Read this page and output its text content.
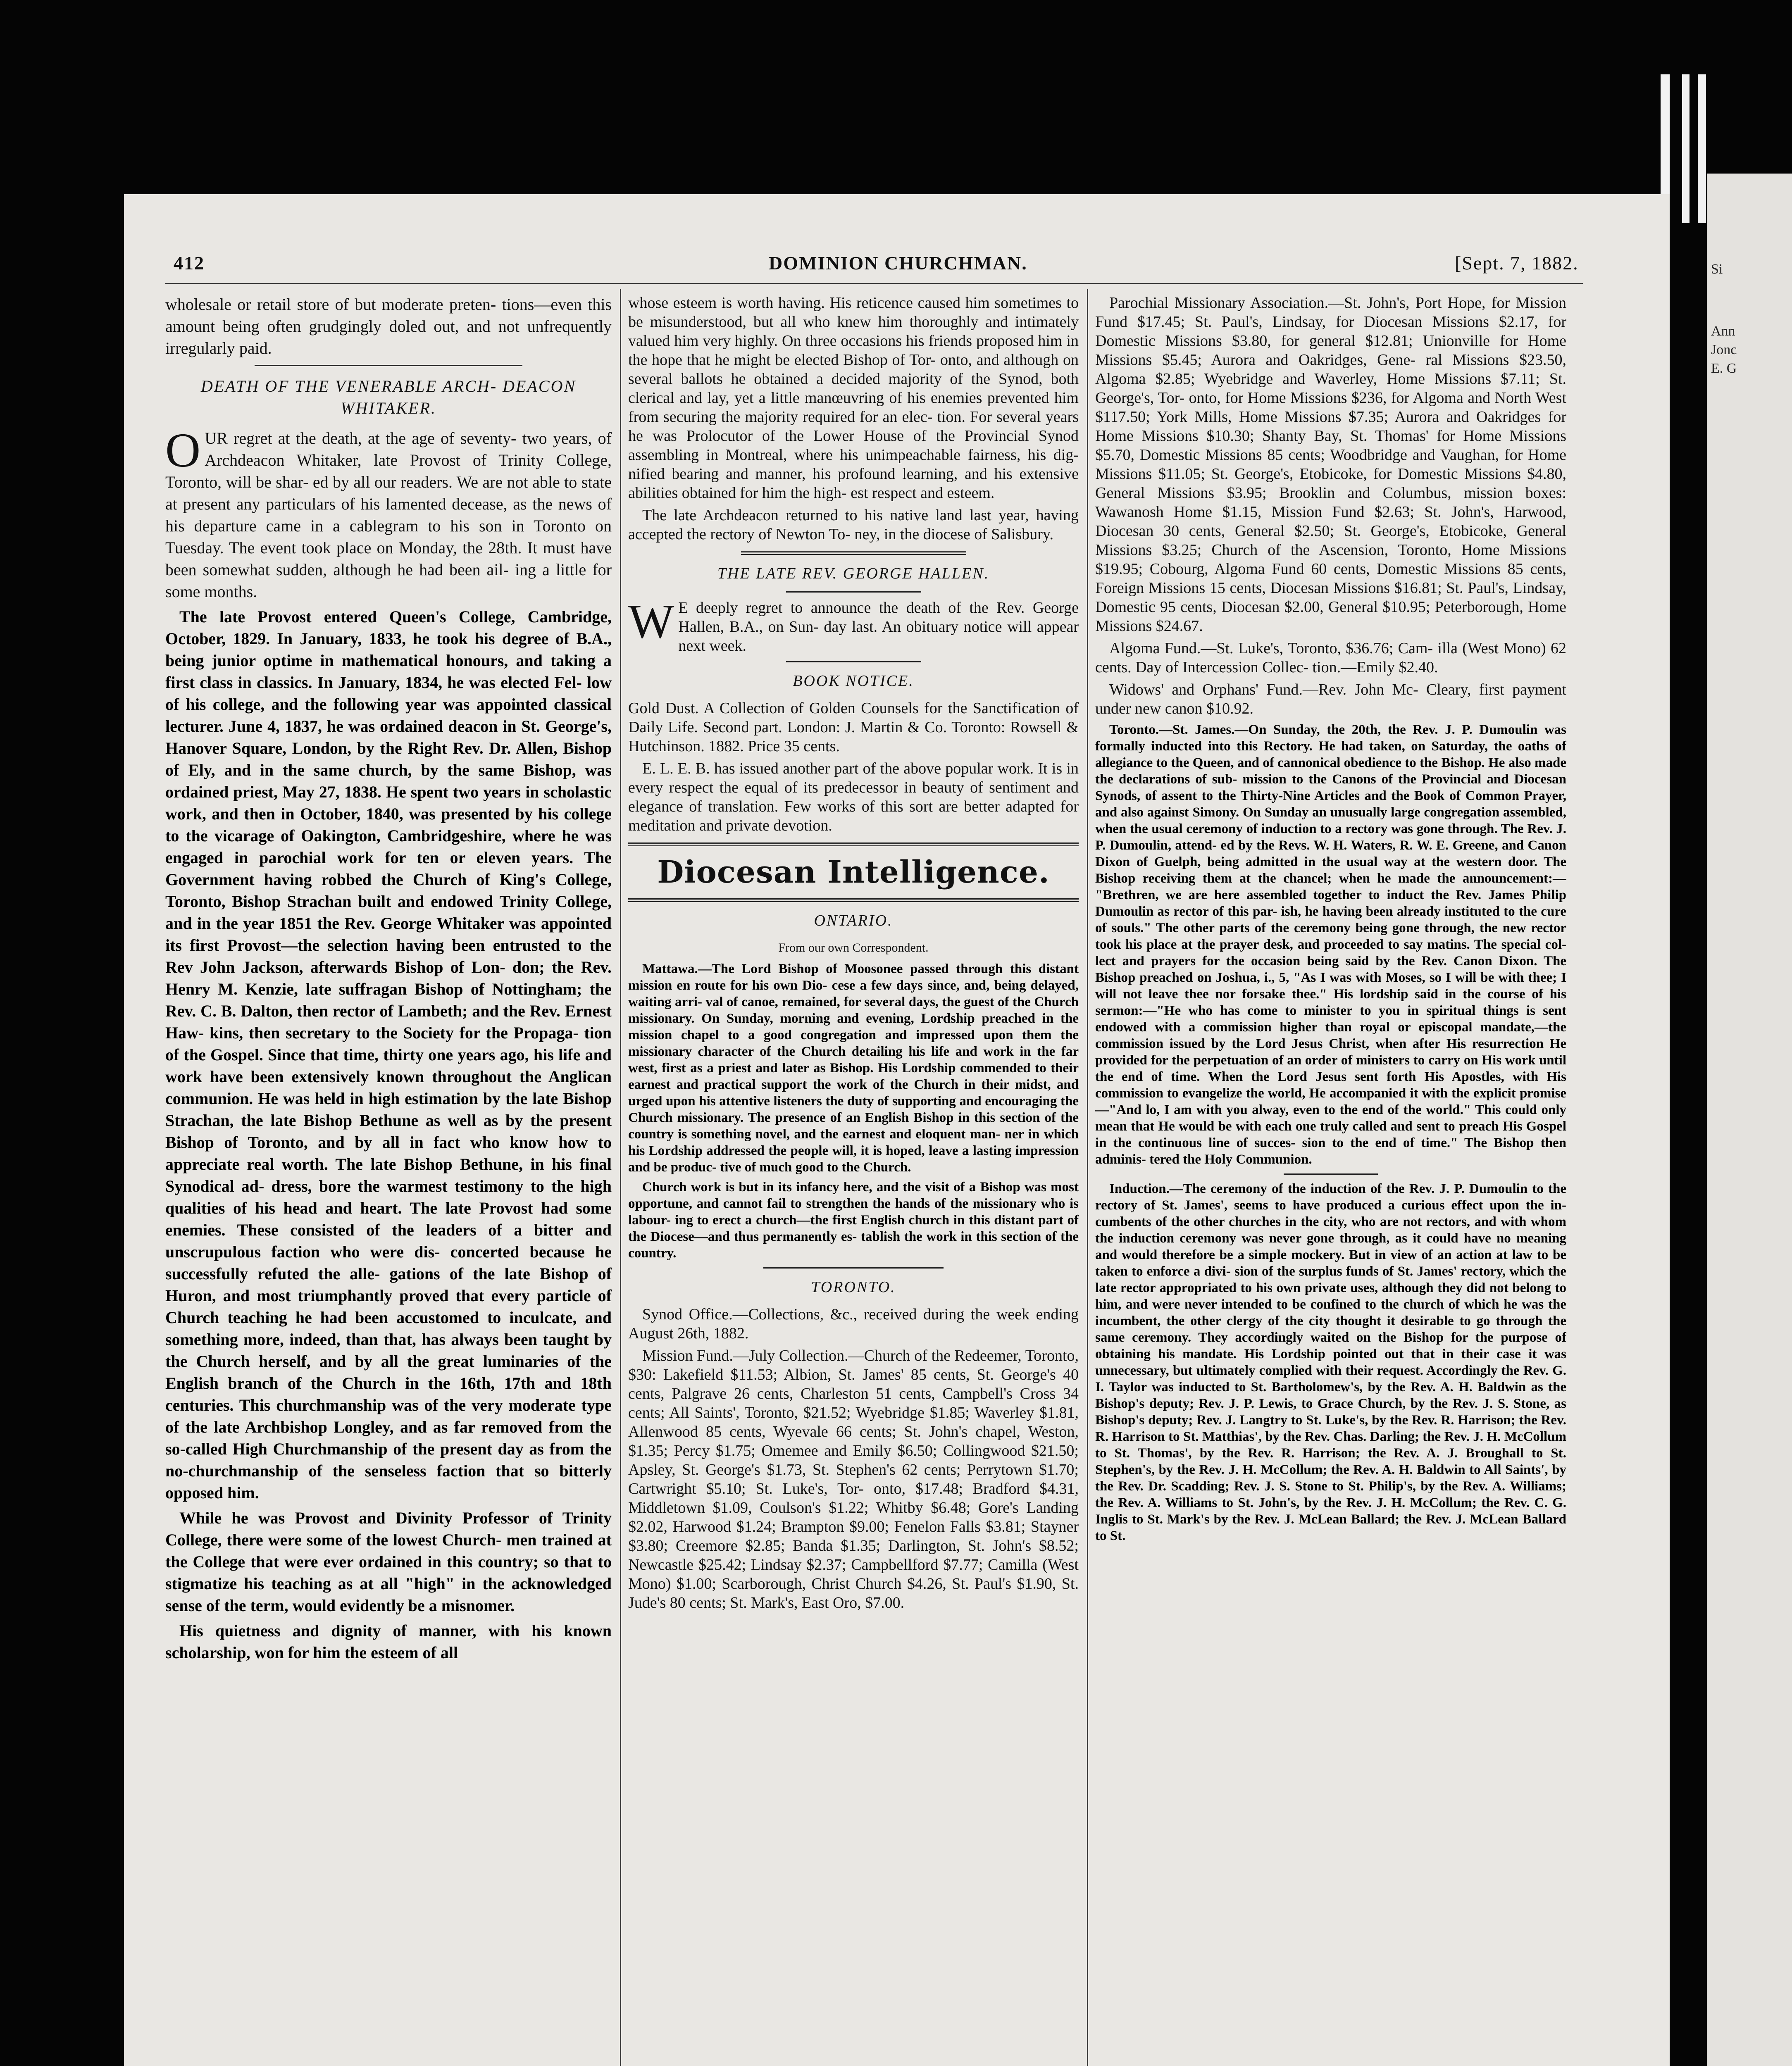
412	DOMINION CHURCHMAN.	[Sept. 7, 1882.

wholesale or retail store of but moderate preten- tions—even this amount being often grudgingly doled out, and not unfrequently irregularly paid.

DEATH OF THE VENERABLE ARCH- DEACON WHITAKER.

OUR regret at the death, at the age of seventy- two years, of Archdeacon Whitaker, late Provost of Trinity College, Toronto, will be shar- ed by all our readers. We are not able to state at present any particulars of his lamented decease, as the news of his departure came in a cablegram to his son in Toronto on Tuesday. The event took place on Monday, the 28th. It must have been somewhat sudden, although he had been ail- ing a little for some months.

The late Provost entered Queen's College, Cambridge, October, 1829. In January, 1833, he took his degree of B.A., being junior optime in mathematical honours, and taking a first class in classics. In January, 1834, he was elected Fel- low of his college, and the following year was appointed classical lecturer. June 4, 1837, he was ordained deacon in St. George's, Hanover Square, London, by the Right Rev. Dr. Allen, Bishop of Ely, and in the same church, by the same Bishop, was ordained priest, May 27, 1838. He spent two years in scholastic work, and then in October, 1840, was presented by his college to the vicarage of Oakington, Cambridgeshire, where he was engaged in parochial work for ten or eleven years. The Government having robbed the Church of King's College, Toronto, Bishop Strachan built and endowed Trinity College, and in the year 1851 the Rev. George Whitaker was appointed its first Provost—the selection having been entrusted to the Rev John Jackson, afterwards Bishop of Lon- don; the Rev. Henry M. Kenzie, late suffragan Bishop of Nottingham; the Rev. C. B. Dalton, then rector of Lambeth; and the Rev. Ernest Haw- kins, then secretary to the Society for the Propaga- tion of the Gospel. Since that time, thirty one years ago, his life and work have been extensively known throughout the Anglican communion. He was held in high estimation by the late Bishop Strachan, the late Bishop Bethune as well as by the present Bishop of Toronto, and by all in fact who know how to appreciate real worth. The late Bishop Bethune, in his final Synodical ad- dress, bore the warmest testimony to the high qualities of his head and heart. The late Provost had some enemies. These consisted of the leaders of a bitter and unscrupulous faction who were dis- concerted because he successfully refuted the alle- gations of the late Bishop of Huron, and most triumphantly proved that every particle of Church teaching he had been accustomed to inculcate, and something more, indeed, than that, has always been taught by the Church herself, and by all the great luminaries of the English branch of the Church in the 16th, 17th and 18th centuries. This churchmanship was of the very moderate type of the late Archbishop Longley, and as far removed from the so-called High Churchmanship of the present day as from the no-churchmanship of the senseless faction that so bitterly opposed him.

While he was Provost and Divinity Professor of Trinity College, there were some of the lowest Church- men trained at the College that were ever ordained in this country; so that to stigmatize his teaching as at all "high" in the acknowledged sense of the term, would evidently be a misnomer.

His quietness and dignity of manner, with his known scholarship, won for him the esteem of all

whose esteem is worth having. His reticence caused him sometimes to be misunderstood, but all who knew him thoroughly and intimately valued him very highly. On three occasions his friends proposed him in the hope that he might be elected Bishop of Tor- onto, and although on several ballots he obtained a decided majority of the Synod, both clerical and lay, yet a little manœuvring of his enemies prevented him from securing the majority required for an elec- tion. For several years he was Prolocutor of the Lower House of the Provincial Synod assembling in Montreal, where his unimpeachable fairness, his dig- nified bearing and manner, his profound learning, and his extensive abilities obtained for him the high- est respect and esteem.

The late Archdeacon returned to his native land last year, having accepted the rectory of Newton To- ney, in the diocese of Salisbury.

THE LATE REV. GEORGE HALLEN.

W E deeply regret to announce the death of the Rev. George Hallen, B.A., on Sun- day last. An obituary notice will appear next week.

BOOK NOTICE.

Gold Dust. A Collection of Golden Counsels for the Sanctification of Daily Life. Second part. London: J. Martin & Co. Toronto: Rowsell & Hutchinson. 1882. Price 35 cents.

E. L. E. B. has issued another part of the above popular work. It is in every respect the equal of its predecessor in beauty of sentiment and elegance of translation. Few works of this sort are better adapted for meditation and private devotion.

Diocesan Intelligence.
ONTARIO.

From our own Correspondent.

Mattawa.—The Lord Bishop of Moosonee passed through this distant mission en route for his own Dio- cese a few days since, and, being delayed, waiting arri- val of canoe, remained, for several days, the guest of the Church missionary. On Sunday, morning and evening, Lordship preached in the mission chapel to a good congregation and impressed upon them the missionary character of the Church detailing his life and work in the far west, first as a priest and later as Bishop. His Lordship commended to their earnest and practical support the work of the Church in their midst, and urged upon his attentive listeners the duty of supporting and encouraging the Church missionary. The presence of an English Bishop in this section of the country is something novel, and the earnest and eloquent man- ner in which his Lordship addressed the people will, it is hoped, leave a lasting impression and be produc- tive of much good to the Church.

Church work is but in its infancy here, and the visit of a Bishop was most opportune, and cannot fail to strengthen the hands of the missionary who is labour- ing to erect a church—the first English church in this distant part of the Diocese—and thus permanently es- tablish the work in this section of the country.

TORONTO.

Synod Office.—Collections, &c., received during the week ending August 26th, 1882.

Mission Fund.—July Collection.—Church of the Redeemer, Toronto, $30: Lakefield $11.53; Albion, St. James' 85 cents, St. George's 40 cents, Palgrave 26 cents, Charleston 51 cents, Campbell's Cross 34 cents; All Saints', Toronto, $21.52; Wyebridge $1.85; Waverley $1.81, Allenwood 85 cents, Wyevale 66 cents; St. John's chapel, Weston, $1.35; Percy $1.75; Omemee and Emily $6.50; Collingwood $21.50; Apsley, St. George's $1.73, St. Stephen's 62 cents; Perrytown $1.70; Cartwright $5.10; St. Luke's, Tor- onto, $17.48; Bradford $4.31, Middletown $1.09, Coulson's $1.22; Whitby $6.48; Gore's Landing $2.02, Harwood $1.24; Brampton $9.00; Fenelon Falls $3.81; Stayner $3.80; Creemore $2.85; Banda $1.35; Darlington, St. John's $8.52; Newcastle $25.42; Lindsay $2.37; Campbellford $7.77; Camilla (West Mono) $1.00; Scarborough, Christ Church $4.26, St. Paul's $1.90, St. Jude's 80 cents; St. Mark's, East Oro, $7.00.

Parochial Missionary Association.—St. John's, Port Hope, for Mission Fund $17.45; St. Paul's, Lindsay, for Diocesan Missions $2.17, for Domestic Missions $3.80, for general $12.81; Unionville for Home Missions $5.45; Aurora and Oakridges, Gene- ral Missions $23.50, Algoma $2.85; Wyebridge and Waverley, Home Missions $7.11; St. George's, Tor- onto, for Home Missions $236, for Algoma and North West $117.50; York Mills, Home Missions $7.35; Aurora and Oakridges for Home Missions $10.30; Shanty Bay, St. Thomas' for Home Missions $5.70, Domestic Missions 85 cents; Woodbridge and Vaughan, for Home Missions $11.05; St. George's, Etobicoke, for Domestic Missions $4.80, General Missions $3.95; Brooklin and Columbus, mission boxes: Wawanosh Home $1.15, Mission Fund $2.63; St. John's, Harwood, Diocesan 30 cents, General $2.50; St. George's, Etobicoke, General Missions $3.25; Church of the Ascension, Toronto, Home Missions $19.95; Cobourg, Algoma Fund 60 cents, Domestic Missions 85 cents, Foreign Missions 15 cents, Diocesan Missions $16.81; St. Paul's, Lindsay, Domestic 95 cents, Diocesan $2.00, General $10.95; Peterborough, Home Missions $24.67.

Algoma Fund.—St. Luke's, Toronto, $36.76; Cam- illa (West Mono) 62 cents. Day of Intercession Collec- tion.—Emily $2.40.

Widows' and Orphans' Fund.—Rev. John Mc- Cleary, first payment under new canon $10.92.

Toronto.—St. James.—On Sunday, the 20th, the Rev. J. P. Dumoulin was formally inducted into this Rectory. He had taken, on Saturday, the oaths of allegiance to the Queen, and of cannonical obedience to the Bishop. He also made the declarations of sub- mission to the Canons of the Provincial and Diocesan Synods, of assent to the Thirty-Nine Articles and the Book of Common Prayer, and also against Simony. On Sunday an unusually large congregation assembled, when the usual ceremony of induction to a rectory was gone through. The Rev. J. P. Dumoulin, attend- ed by the Revs. W. H. Waters, R. W. E. Greene, and Canon Dixon of Guelph, being admitted in the usual way at the western door. The Bishop receiving them at the chancel; when he made the announcement:— "Brethren, we are here assembled together to induct the Rev. James Philip Dumoulin as rector of this par- ish, he having been already instituted to the cure of souls." The other parts of the ceremony being gone through, the new rector took his place at the prayer desk, and proceeded to say matins. The special col- lect and prayers for the occasion being said by the Rev. Canon Dixon. The Bishop preached on Joshua, i., 5, "As I was with Moses, so I will be with thee; I will not leave thee nor forsake thee." His lordship said in the course of his sermon:—"He who has come to minister to you in spiritual things is sent endowed with a commission higher than royal or episcopal mandate,—the commission issued by the Lord Jesus Christ, when after His resurrection He provided for the perpetuation of an order of ministers to carry on His work until the end of time. When the Lord Jesus sent forth His Apostles, with His commission to evangelize the world, He accompanied it with the explicit promise—"And lo, I am with you alway, even to the end of the world." This could only mean that He would be with each one truly called and sent to preach His Gospel in the continuous line of succes- sion to the end of time." The Bishop then adminis- tered the Holy Communion.

Induction.—The ceremony of the induction of the Rev. J. P. Dumoulin to the rectory of St. James', seems to have produced a curious effect upon the in- cumbents of the other churches in the city, who are not rectors, and with whom the induction ceremony was never gone through, as it could have no meaning and would therefore be a simple mockery. But in view of an action at law to be taken to enforce a divi- sion of the surplus funds of St. James' rectory, which the late rector appropriated to his own private uses, although they did not belong to him, and were never intended to be confined to the church of which he was the incumbent, the other clergy of the city thought it desirable to go through the same ceremony. They accordingly waited on the Bishop for the purpose of obtaining his mandate. His Lordship pointed out that in their case it was unnecessary, but ultimately complied with their request. Accordingly the Rev. G. I. Taylor was inducted to St. Bartholomew's, by the Rev. A. H. Baldwin as the Bishop's deputy; Rev. J. P. Lewis, to Grace Church, by the Rev. J. S. Stone, as Bishop's deputy; Rev. J. Langtry to St. Luke's, by the Rev. R. Harrison; the Rev. R. Harrison to St. Matthias', by the Rev. Chas. Darling; the Rev. J. H. McCollum to St. Thomas', by the Rev. R. Harrison; the Rev. A. J. Broughall to St. Stephen's, by the Rev. J. H. McCollum; the Rev. A. H. Baldwin to All Saints', by the Rev. Dr. Scadding; Rev. J. S. Stone to St. Philip's, by the Rev. A. Williams; the Rev. A. Williams to St. John's, by the Rev. J. H. McCollum; the Rev. C. G. Inglis to St. Mark's by the Rev. J. McLean Ballard; the Rev. J. McLean Ballard to St.

Si
Ann
Jonc
E. G
